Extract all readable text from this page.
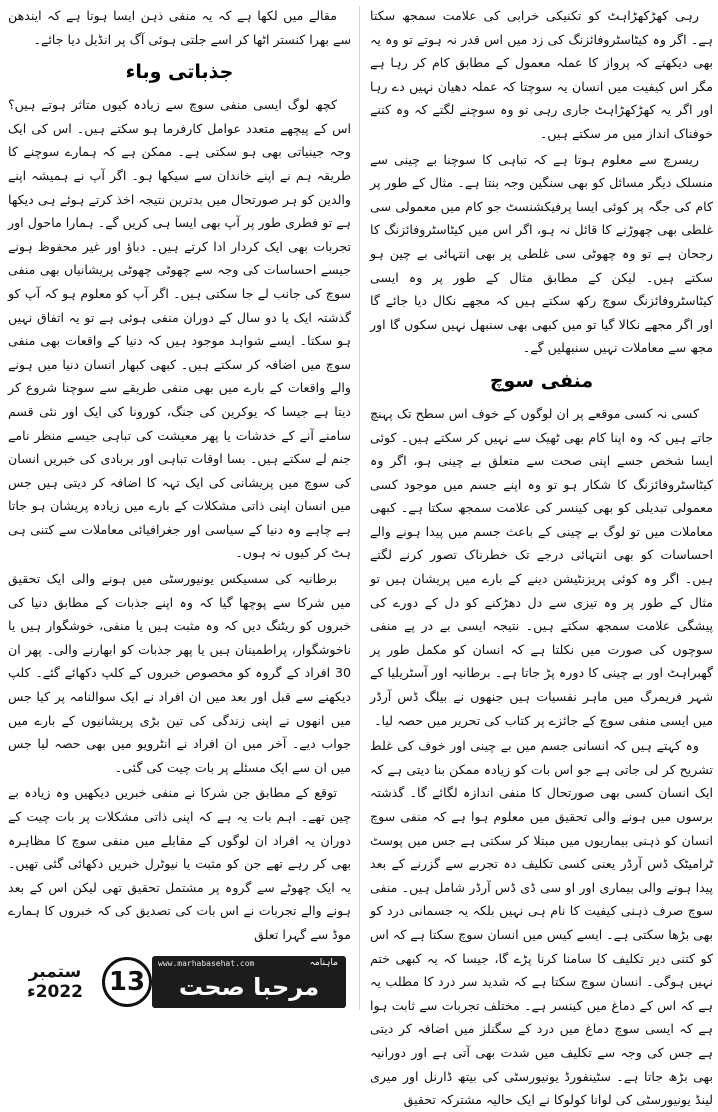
رہی کھڑکھڑاہٹ کو تکنیکی خرابی کی علامت سمجھ سکتا ہے۔ اگر وہ کیٹاسٹروفائزنگ کی زد میں اس قدر نہ ہوتے تو وہ یہ بھی دیکھتے کہ پرواز کا عملہ معمول کے مطابق کام کر رہا ہے مگر اس کیفیت میں انسان یہ سوچتا کہ عملہ دھیان نہیں دے رہا اور اگر یہ کھڑکھڑاہٹ جاری رہی تو وہ سوچنے لگتے کہ وہ کتنے خوفناک انداز میں مر سکتے ہیں۔

ریسرچ سے معلوم ہوتا ہے کہ تباہی کا سوچنا بے چینی سے منسلک دیگر مسائل کو بھی سنگین وجہ بنتا ہے۔ مثال کے طور پر کام کی جگہ پر کوئی ایسا پرفیکشنسٹ جو کام میں معمولی سی غلطی بھی چھوڑنے کا قائل نہ ہو، اگر اس میں کیٹاسٹروفائزنگ کا رجحان ہے تو وہ چھوٹی سی غلطی پر بھی انتہائی بے چین ہو سکتے ہیں۔ لیکن کے مطابق مثال کے طور پر وہ ایسی کیٹاسٹروفائزنگ سوچ رکھ سکتے ہیں کہ مجھے نکال دیا جائے گا اور اگر مجھے نکالا گیا تو میں کبھی بھی سنبھل نہیں سکوں گا اور مجھ سے معاملات نہیں سنبھلیں گے۔

منفی سوچ

کسی نہ کسی موقعے پر ان لوگوں کے خوف اس سطح تک پہنچ جاتے ہیں کہ وہ اپنا کام بھی ٹھیک سے نہیں کر سکتے ہیں۔ کوئی ایسا شخص جسے اپنی صحت سے متعلق بے چینی ہو، اگر وہ کیٹاسٹروفائزنگ کا شکار ہو تو وہ اپنے جسم میں موجود کسی معمولی تبدیلی کو بھی کینسر کی علامت سمجھ سکتا ہے۔ کبھی معاملات میں تو لوگ بے چینی کے باعث جسم میں پیدا ہونے والے احساسات کو بھی انتہائی درجے تک خطرناک تصور کرنے لگتے ہیں۔ اگر وہ کوئی پریزنٹیشن دینے کے بارے میں پریشان ہیں تو مثال کے طور پر وہ تیزی سے دل دھڑکنے کو دل کے دورے کی پیشگی علامت سمجھ سکتے ہیں۔ نتیجہ ایسی بے در پے منفی سوچوں کی صورت میں نکلتا ہے کہ انسان کو مکمل طور پر گھبراہٹ اور بے چینی کا دورہ پڑ جاتا ہے۔ برطانیہ اور آسٹریلیا کے شہر فریمرگ میں ماہر نفسیات ہیں جنھوں نے بیلگ ڈس آرڈر میں ایسی منفی سوچ کے جائزے پر کتاب کی تحریر میں حصہ لیا۔

وہ کہتے ہیں کہ انسانی جسم میں بے چینی اور خوف کی غلط تشریح کر لی جاتی ہے جو اس بات کو زیادہ ممکن بنا دیتی ہے کہ ایک انسان کسی بھی صورتحال کا منفی اندازہ لگائے گا۔ گذشتہ برسوں میں ہونے والی تحقیق میں معلوم ہوا ہے کہ منفی سوچ انسان کو ذہنی بیماریوں میں مبتلا کر سکتی ہے جس میں پوسٹ ٹرامیٹک ڈس آرڈر یعنی کسی تکلیف دہ تجربے سے گزرنے کے بعد پیدا ہونے والی بیماری اور او سی ڈی ڈس آرڈر شامل ہیں۔ منفی سوچ صرف ذہنی کیفیت کا نام ہی نہیں بلکہ یہ جسمانی درد کو بھی بڑھا سکتی ہے۔ ایسے کیس میں انسان سوچ سکتا ہے کہ اس کو کتنی دیر تکلیف کا سامنا کرنا پڑے گا، جیسا کہ یہ کبھی ختم نہیں ہوگی۔ انسان سوچ سکتا ہے کہ شدید سر درد کا مطلب یہ ہے کہ اس کے دماغ میں کینسر ہے۔ مختلف تجربات سے ثابت ہوا ہے کہ ایسی سوچ دماغ میں درد کے سگنلز میں اضافہ کر دیتی ہے جس کی وجہ سے تکلیف میں شدت بھی آتی ہے اور دورانیہ بھی بڑھ جاتا ہے۔ سٹینفورڈ یونیورسٹی کی بیتھ ڈارنل اور میری لینڈ یونیورسٹی کی لوانا کولوکا نے ایک حالیہ مشترکہ تحقیق

مقالے میں لکھا ہے کہ یہ منفی ذہن ایسا ہوتا ہے کہ ایندھن سے بھرا کنستر اٹھا کر اسے جلتی ہوئی آگ پر انڈیل دیا جائے۔

جذباتی وباء

کچھ لوگ ایسی منفی سوچ سے زیادہ کیوں متاثر ہوتے ہیں؟ اس کے پیچھے متعدد عوامل کارفرما ہو سکتے ہیں۔ اس کی ایک وجہ جینیاتی بھی ہو سکتی ہے۔ ممکن ہے کہ ہمارے سوچنے کا طریقہ ہم نے اپنے خاندان سے سیکھا ہو۔ اگر آپ نے ہمیشہ اپنے والدین کو ہر صورتحال میں بدترین نتیجہ اخذ کرتے ہوئے ہی دیکھا ہے تو فطری طور پر آپ بھی ایسا ہی کریں گے۔ ہمارا ماحول اور تجربات بھی ایک کردار ادا کرتے ہیں۔ دباؤ اور غیر محفوظ ہونے جیسے احساسات کی وجہ سے چھوٹی چھوٹی پریشانیاں بھی منفی سوچ کی جانب لے جا سکتی ہیں۔ اگر آپ کو معلوم ہو کہ آپ کو گذشتہ ایک یا دو سال کے دوران منفی ہوئی ہے تو یہ اتفاق نہیں ہو سکتا۔ ایسے شواہد موجود ہیں کہ دنیا کے واقعات بھی منفی سوچ میں اضافہ کر سکتے ہیں۔ کبھی کبھار انسان دنیا میں ہونے والے واقعات کے بارے میں بھی منفی طریقے سے سوچنا شروع کر دیتا ہے جیسا کہ یوکرین کی جنگ، کورونا کی ایک اور نئی قسم سامنے آنے کے خدشات یا پھر معیشت کی تباہی جیسے منظر نامے جنم لے سکتے ہیں۔ بسا اوقات تباہی اور بربادی کی خبریں انسان کی سوچ میں پریشانی کی ایک تہہ کا اضافہ کر دیتی ہیں جس میں انسان اپنی ذاتی مشکلات کے بارے میں زیادہ پریشان ہو جاتا ہے چاہے وہ دنیا کے سیاسی اور جغرافیائی معاملات سے کتنی ہی ہٹ کر کیوں نہ ہوں۔

برطانیہ کی سسیکس یونیورسٹی میں ہونے والی ایک تحقیق میں شرکا سے پوچھا گیا کہ وہ اپنے جذبات کے مطابق دنیا کی خبروں کو ریٹنگ دیں کہ وہ مثبت ہیں یا منفی، خوشگوار ہیں یا ناخوشگوار، پراطمینان ہیں یا پھر جذبات کو ابھارنے والی۔ پھر ان 30 افراد کے گروہ کو مخصوص خبروں کے کلپ دکھائے گئے۔ کلپ دیکھنے سے قبل اور بعد میں ان افراد نے ایک سوالنامہ پر کیا جس میں انھوں نے اپنی زندگی کی تین بڑی پریشانیوں کے بارے میں جواب دیے۔ آخر میں ان افراد نے انٹرویو میں بھی حصہ لیا جس میں ان سے ایک مسئلے پر بات چیت کی گئی۔

توقع کے مطابق جن شرکا نے منفی خبریں دیکھیں وہ زیادہ بے چین تھے۔ اہم بات یہ ہے کہ اپنی ذاتی مشکلات پر بات چیت کے دوران یہ افراد ان لوگوں کے مقابلے میں منفی سوچ کا مظاہرہ بھی کر رہے تھے جن کو مثبت یا نیوٹرل خبریں دکھائی گئی تھیں۔ یہ ایک چھوٹے سے گروہ پر مشتمل تحقیق تھی لیکن اس کے بعد ہونے والے تجربات نے اس بات کی تصدیق کی کہ خبروں کا ہمارے موڈ سے گہرا تعلق

ستمبر 2022ء 13
www.marhabasehat.com	ماہنامہ
مرحبا صحت
